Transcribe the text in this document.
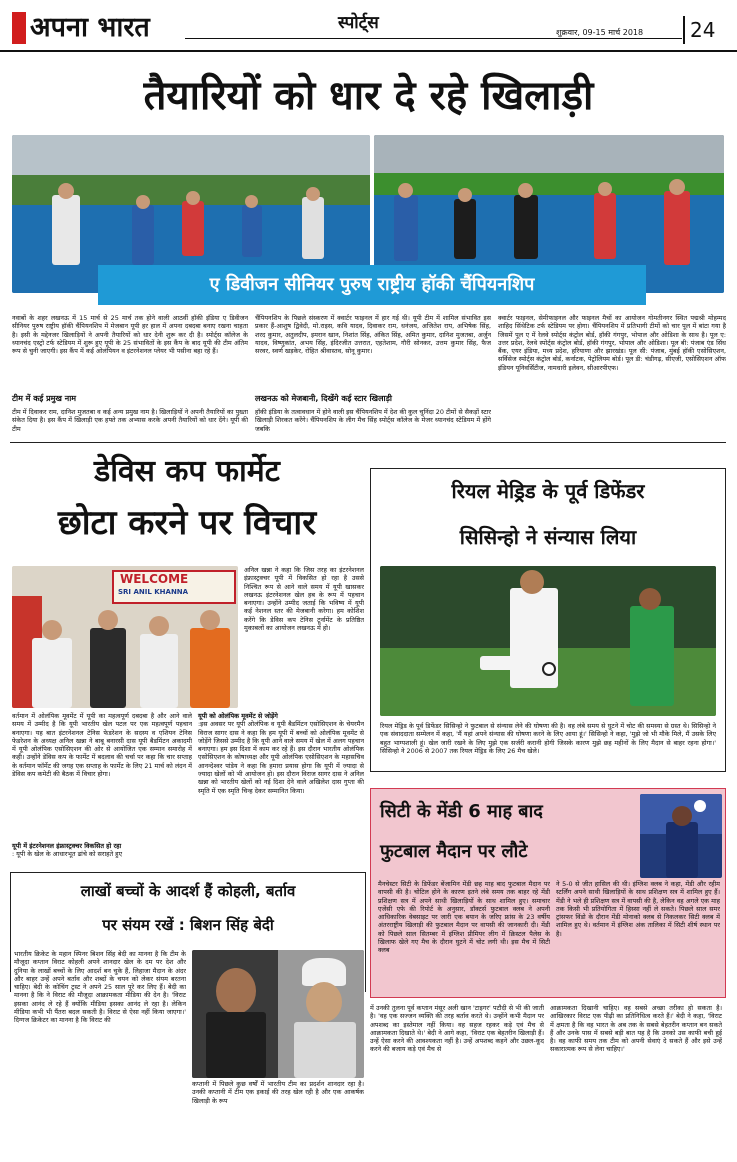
अपना भारत	स्पोर्ट्स	शुक्रवार, 09-15 मार्च 2018 24
तैयारियों को धार दे रहे खिलाड़ी
ए डिवीजन सीनियर पुरुष राष्ट्रीय हॉकी चैंपियनशिप
नवाबों के शहर लखनऊ में 15 मार्च से 25 मार्च तक होने वाली आठवीं हॉकी इंडिया ए डिवीजन सीनियर पुरुष राष्ट्रीय हॉकी चैंपियनशिप में मेजबान यूपी हर हाल में अपना दबदबा बनाए रखना चाहता है। इसी के मद्देनजर खिलाड़ियों ने अपनी तैयारियों को धार देनी शुरू कर दी है। स्पोर्ट्स कॉलेज के ध्यानचंद एस्ट्रो टर्फ स्टेडियम में शुरू हुए यूपी के 25 संभावितों के इस कैंप के बाद यूपी की टीम अंतिम रूप से चुनी जाएगी। इस कैंप में कई ओलंपियन व इंटरनेशनल प्लेयर भी पसीना बहा रहे हैं।
टीम में कई प्रमुख नाम
टीम में दिवाकर राम, दानिश मुजतबा व कई अन्य प्रमुख नाम है। खिलाड़ियों ने अपनी तैयारियों का पुख्ता संकेत दिया है। इस कैंप में खिलाड़ी एक हफ्ते तक अभ्यास करके अपनी तैयारियों को धार देंगे। यूपी की टीम
चैंपियनशिप के पिछले संस्करण में क्वार्टर फाइनल में हार गई थी। यूपी टीम में शामिल संभावित इस प्रकार हैं-आशुष द्विवेदी, मो.राइस, कवि यादव, दिवाकर राम, धनंजय, अजितेश राय, अभिषेक सिंह, शरद कुमार, अतुलदीप, इमरान खान, निशांत सिंह, अंकित सिंह, अमित कुमार, दानिश मुजतबा, अर्जुन यादव, विष्णुकांत, अभय सिंह, इंदिरजीत उत्तरात, एहतेशाम, गौरी सोनकर, उत्तम कुमार सिंह, फैज सरवर, स्वर्ण खड़केर, रोहित श्रीवास्तव, सोनू कुमार।
लखनऊ को मेजबानी, दिखेंगे कई स्टार खिलाड़ी
हॉकी इंडिया के तत्वावधान में होने वाली इस चैंपियनशिप में देश की कुल चुनिंदा 20 टीमों से सैकड़ों स्टार खिलाड़ी शिरकत करेंगे। चैंपियनशिप के लीग मैच सिंह स्पोर्ट्स कॉलेज के मेजर ध्यानचंद स्टेडियम में होंगे जबकि
क्वार्टर फाइनल, सेमीफाइनल और फाइनल मैचों का आयोजन गोमतीनगर स्थित पद्मश्री मोहम्मद शाहिद सिंथेटिक टर्फ स्टेडियम पर होगा। चैंपियनशिप में प्रतिभागी टीमों को चार पूल में बांटा गया है जिसमें पूल ए में रेलवे स्पोर्ट्स कंट्रोल बोर्ड, हॉकी गंगपुर, भोपाल और ओडिशा के साथ है। पूल ए: उत्तर प्रदेश, रेलवे स्पोर्ट्स कंट्रोल बोर्ड, हॉकी गंगपुर, भोपाल और ओडिशा। पूल बी: पंजाब एंड सिंध बैंक, एयर इंडिया, मध्य प्रदेश, हरियाणा और झारखंड। पूल सी: पंजाब, मुंबई हॉकी एसोसिएशन, सर्विसेज स्पोर्ट्स कंट्रोल बोर्ड, कर्नाटक, पेट्रोलियम बोर्ड। पूल डी: चंडीगढ़, सीएजी, एसोसिएशन ऑफ इंडियन यूनिवर्सिटीज, नामधारी इलेवन, सीआरपीएफ।
डेविस कप फार्मेट
छोटा करने पर विचार
WELCOME
SRI ANIL KHANNA
अनिल खन्ना ने कहा कि जिस तरह का इंटरनेशनल इंफ्रास्ट्रक्चर यूपी में विकसित हो रहा है उससे निश्चित रूप से आने वाले समय में यूपी खासकर लखनऊ इंटरनेशनल खेल हब के रूप में पहचान बनाएगा। उन्होंने उम्मीद जताई कि भविष्य में यूपी कई नेशनल स्तर की मेजबानी करेगा। हम कोशिश करेंगे कि डेविस कप टेनिस टूर्नामेंट के प्रतिष्ठित मुकाबलों का आयोजन लखनऊ में हो।
वर्तमान में ओलंपिक मूवमेंट में यूपी का महत्वपूर्ण दबदबा है और आने वाले समय में उम्मीद है कि यूपी भारतीय खेल पटल पर एक महत्वपूर्ण पहचान बनाएगा। यह बात इंटरनेशनल टेनिस फेडरेशन के सदस्य व एशियन टेनिस फेडरेशन के अध्यक्ष अनिल खन्ना ने बाबू बनारसी दास यूपी बैडमिंटन अकादमी में यूपी ओलंपिक एसोसिएशन की ओर से आयोजित एक सम्मान समारोह में कही। उन्होंने डेविस कप के फार्मेट में बदलाव की चर्चा पर कहा कि चार सप्ताह के वर्तमान फॉर्मेट की जगह एक सप्ताह के फार्मेट के लिए 21 मार्च को लंदन में डेविस कप कमेटी की बैठक में विचार होगा।
यूपी में इंटरनेशनल इंफ्रास्ट्रक्चर विकसित हो रहा
: यूपी के खेल के आधारभूत ढांचे को सराहते हुए
यूपी को ओलंपिक मूवमेंट से जोड़ेंगे
:इस अवसर पर यूपी ओलंपिक व यूपी बैडमिंटन एसोसिएशन के चेयरमैन विराज सागर दास ने कहा कि हम यूपी में बच्चों को ओलंपिक मूवमेंट से जोड़ेंगे जिससे उम्मीद है कि यूपी आने वाले समय में खेल में अलग पहचान बनाएगा। हम इस दिशा में काम कर रहे हैं। इस दौरान भारतीय ओलंपिक एसोसिएशन के कोषाध्यक्ष और यूपी ओलंपिक एसोसिएशन के महासचिव आनन्देश्वर पांडेय ने कहा कि हमारा प्रयास होगा कि यूपी में ज्यादा से ज्यादा खेलों को भी आयोजन हो। इस दौरान विराज सागर दास ने अनिल खन्ना को भारतीय खेलों को नई दिशा देने वाले अखिलेश दास गुप्ता की स्मृति में एक स्मृति चिन्ह देकर सम्मानित किया।
रियल मेड्रिड के पूर्व डिफेंडर
सिसिन्हो ने संन्यास लिया
रियल मेड्रिड के पूर्व डिफेंडर सिसिन्हो ने फुटबाल से संन्यास लेने की घोषणा की है। वह लंबे समय से घुटने में चोट की समस्या से ग्रस्त थे। सिसिन्हो ने एक संवाददाता सम्मेलन में कहा, 'मैं यहां अपने संन्यास की घोषणा करने के लिए आया हूं।' सिसिन्हो ने कहा, 'मुझे जो भी मौके मिले, मैं उसके लिए बहुत भाग्यशाली हूं। खेल जारी रखने के लिए मुझे एक सर्जरी करानी होगी जिसके कारण मुझे छह महीनों के लिए मैदान से बाहर रहना होगा।' सिसिन्हो ने 2006 से 2007 तक रियल मेड्रिड के लिए 26 मैच खेले।
सिटी के मेंडी 6 माह बाद
फुटबाल मैदान पर लौटे
मैनचेस्टर सिटी के डिफेंडर बेंजामिन मेंडी छह माह बाद फुटबाल मैदान पर वापसी की है। चोटिल होने के कारण इतने लंबे समय तक बाहर रहे मेंडी प्रशिक्षण सत्र में अपने साथी खिलाड़ियों के साथ शामिल हुए। समाचार एजेंसी एफे की रिपोर्ट के अनुसार, डॉक्टर्स फुटबाल क्लब ने अपनी आधिकारिक वेबसाइट पर जारी एक बयान के जरिए फ्रांस के 23 वर्षीय अंतरराष्ट्रीय खिलाड़ी की फुटबाल मैदान पर वापसी की जानकारी दी। मेंडी को पिछले साल सितम्बर में इंग्लिश प्रीमियर लीग में क्रिस्टल पैलेस के खिलाफ खेले गए मैच के दौरान घुटने में चोट लगी थी। इस मैच में सिटी क्लब
ने 5-0 से जीत हासिल की थी। इंग्लिश क्लब ने कहा, मेंडी और रहीम स्टर्लिंग अपने साथी खिलाड़ियों के साथ प्रशिक्षण सत्र में शामिल हुए हैं। मेंडी ने भले ही प्रशिक्षण सत्र में वापसी की है, लेकिन वह अगले एक माह तक किसी भी प्रतियोगिता में हिस्सा नहीं ले सकते। पिछले साल समर ट्रांसफर विंडो के दौरान मेंडी मोनाको क्लब से निकलकर सिटी क्लब में शामिल हुए थे। वर्तमान में इंग्लिश अंक तालिका में सिटी शीर्ष स्थान पर है।
लाखों बच्चों के आदर्श हैं कोहली, बर्ताव
पर संयम रखें : बिशन सिंह बेदी
भारतीय क्रिकेट के महान स्पिनर बिशन सिंह बेदी का मानना है कि टीम के मौजूदा कप्तान विराट कोहली अपने शानदार खेल के दम पर देश और दुनिया के लाखों बच्चों के लिए आदर्श बन चुके हैं, लिहाजा मैदान के अंदर और बाहर उन्हें अपने बर्ताव और शब्दों के चयन को लेकर संयम बरतना चाहिए। बेदी के कोचिंग ट्रस्ट ने अपने 25 साल पूरे कर लिए हैं। बेदी का मानना है कि ने विराट की मौजूदा आक्रामकता मीडिया की देन है। 'विराट इसका आनंद ले रहे हैं क्योंकि मीडिया इसका आनंद ले रहा है। लेकिन मीडिया कभी भी पैंतरा बदल सकती है। विराट से ऐसा नहीं किया जाएगा।' दिग्गज क्रिकेटर का मानना है कि विराट की
कप्तानी में पिछले कुछ वर्षों में भारतीय टीम का प्रदर्शन शानदार रहा है। उनकी कप्तानी में टीम एक इकाई की तरह खेल रही है और एक आकर्षक खिलाड़ी के रूप
में उनकी तुलना पूर्व कप्तान मंसूर अली खान 'टाइगर' पटौदी से भी की जाती है। 'वह एक सज्जन व्यक्ति की तरह बर्ताव करते थे। उन्होंने कभी मैदान पर अपशब्द का इस्तेमाल नहीं किया। वह सहज रहकर कड़े एवं मैच से आक्रामकता दिखाते थे।' बेदी ने आगे कहा, 'विराट एक बेहतरीन खिलाड़ी हैं। उन्हें ऐसा करने की आवश्यकता नहीं है। उन्हें अपशब्द कहने और उछल-कूद करने की बजाय कड़े एवं मैच से
आक्रामकता दिखानी चाहिए। वह सबसे अच्छा तरीका हो सकता है। आखिरकार विराट एक पीढ़ी का प्रतिनिधित्व करते हैं।' बेदी ने कहा, 'विराट में क्षमता है कि वह भारत के अब तक के सबसे बेहतरीन कप्तान बन सकते हैं और उनके पास में सबसे बड़ी बात यह है कि उनको उस काफी बची हुई है। वह काफी समय तक टीम को अपनी सेवाएं दे सकते हैं और इसे उन्हें सकारात्मक रूप से लेना चाहिए।'
